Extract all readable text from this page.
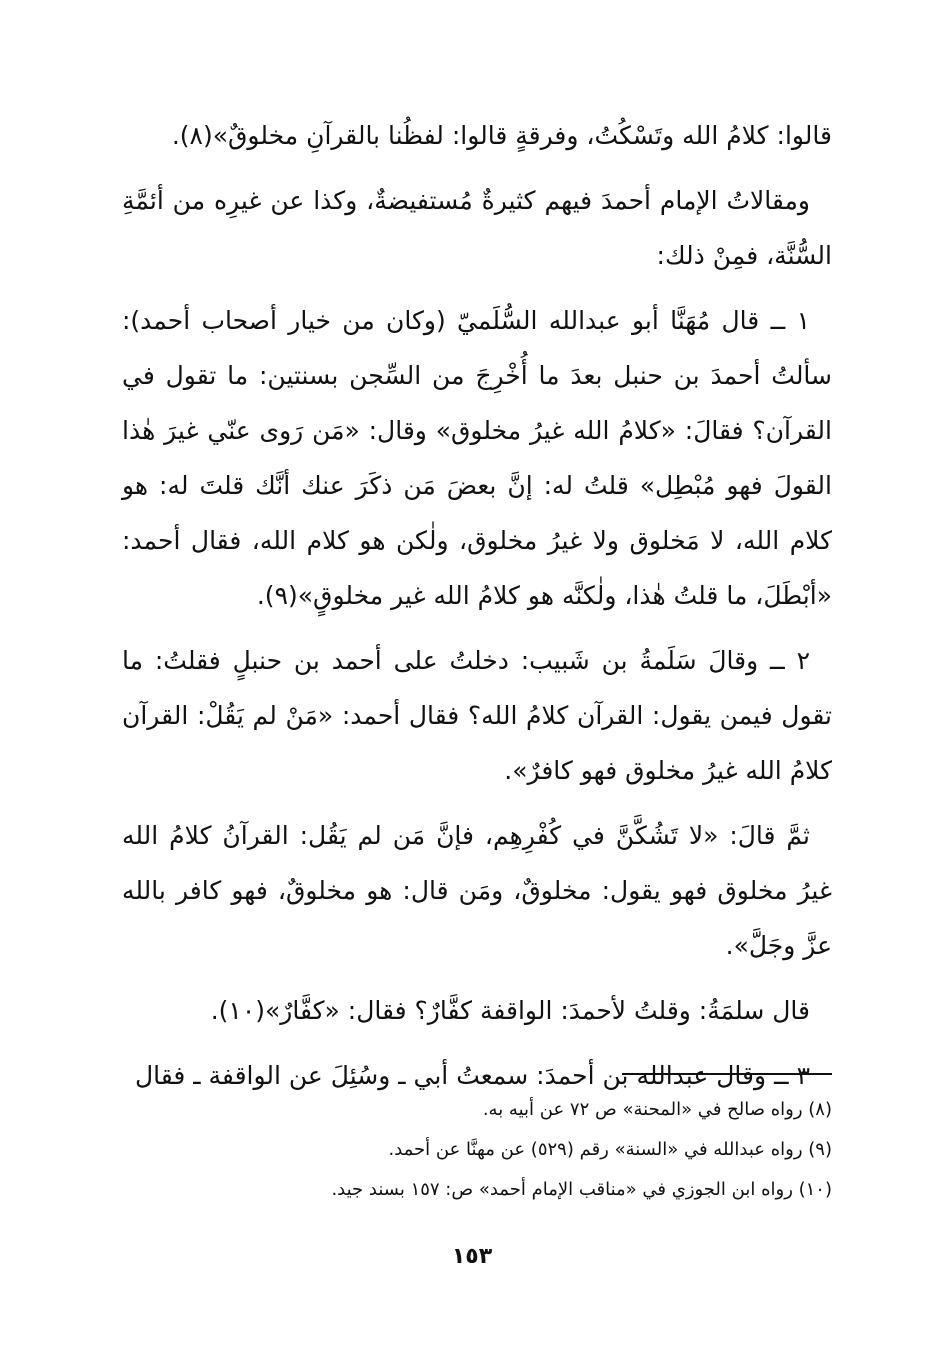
قالوا: كلامُ الله وتَسْكُتُ، وفرقةٍ قالوا: لفظُنا بالقرآنِ مخلوقٌ»(٨).

ومقالاتُ الإمام أحمدَ فيهم كثيرةٌ مُستفيضةٌ، وكذا عن غيرِه من أئمَّةِ السُّنَّة، فمِنْ ذلك:

١ ــ قال مُهَنَّا أبو عبدالله السُّلَميّ (وكان من خيار أصحاب أحمد): سألتُ أحمدَ بن حنبل بعدَ ما أُخْرِجَ من السِّجن بسنتين: ما تقول في القرآن؟ فقالَ: «كلامُ الله غيرُ مخلوق» وقال: «مَن رَوى عنّي غيرَ هٰذا القولَ فهو مُبْطِل» قلتُ له: إنَّ بعضَ مَن ذكَرَ عنك أنَّك قلتَ له: هو كلام الله، لا مَخلوق ولا غيرُ مخلوق، ولٰكن هو كلام الله، فقال أحمد: «أبْطَلَ، ما قلتُ هٰذا، ولٰكنَّه هو كلامُ الله غير مخلوقٍ»(٩).

٢ ــ وقالَ سَلَمةُ بن شَبيب: دخلتُ على أحمد بن حنبلٍ فقلتُ: ما تقول فيمن يقول: القرآن كلامُ الله؟ فقال أحمد: «مَنْ لم يَقُلْ: القرآن كلامُ الله غيرُ مخلوق فهو كافرٌ».

ثمَّ قالَ: «لا تَشُكَّنَّ في كُفْرِهِم، فإنَّ مَن لم يَقُل: القرآنُ كلامُ الله غيرُ مخلوق فهو يقول: مخلوقٌ، ومَن قال: هو مخلوقٌ، فهو كافر بالله عزَّ وجَلَّ».

قال سلمَةُ: وقلتُ لأحمدَ: الواقفة كفَّارٌ؟ فقال: «كفَّارٌ»(١٠).

٣ ــ وقال عبدالله بن أحمدَ: سمعتُ أبي ـ وسُئِلَ عن الواقفة ـ فقال

(٨) رواه صالح في «المحنة» ص ٧٢ عن أبيه به.

(٩) رواه عبدالله في «السنة» رقم (٥٢٩) عن مهنَّا عن أحمد.

(١٠) رواه ابن الجوزي في «مناقب الإمام أحمد» ص: ١٥٧ بسند جيد.

١٥٣
